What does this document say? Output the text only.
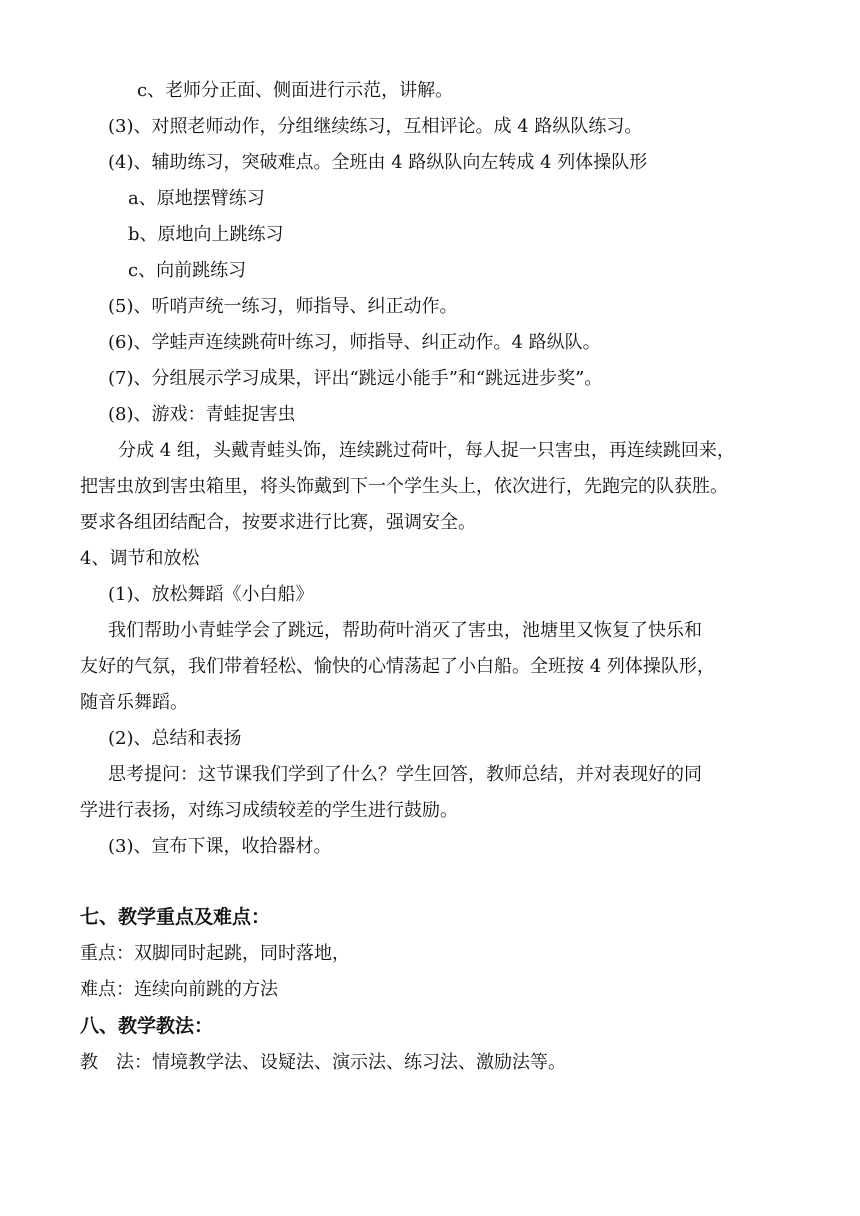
c、老师分正面、侧面进行示范，讲解。
(3)、对照老师动作，分组继续练习，互相评论。成 4 路纵队练习。
(4)、辅助练习，突破难点。全班由 4 路纵队向左转成 4 列体操队形
a、原地摆臂练习
b、原地向上跳练习
c、向前跳练习
(5)、听哨声统一练习，师指导、纠正动作。
(6)、学蛙声连续跳荷叶练习，师指导、纠正动作。4 路纵队。
(7)、分组展示学习成果，评出“跳远小能手”和“跳远进步奖”。
(8)、游戏：青蛙捉害虫
分成 4 组，头戴青蛙头饰，连续跳过荷叶，每人捉一只害虫，再连续跳回来，
把害虫放到害虫箱里，将头饰戴到下一个学生头上，依次进行，先跑完的队获胜。
要求各组团结配合，按要求进行比赛，强调安全。
4、调节和放松
(1)、放松舞蹈《小白船》
我们帮助小青蛙学会了跳远，帮助荷叶消灭了害虫，池塘里又恢复了快乐和
友好的气氛，我们带着轻松、愉快的心情荡起了小白船。全班按 4 列体操队形，
随音乐舞蹈。
(2)、总结和表扬
思考提问：这节课我们学到了什么？学生回答，教师总结，并对表现好的同
学进行表扬，对练习成绩较差的学生进行鼓励。
(3)、宣布下课，收拾器材。
七、教学重点及难点：
重点：双脚同时起跳，同时落地，
难点：连续向前跳的方法
八、教学教法：
教　法：情境教学法、设疑法、演示法、练习法、激励法等。
